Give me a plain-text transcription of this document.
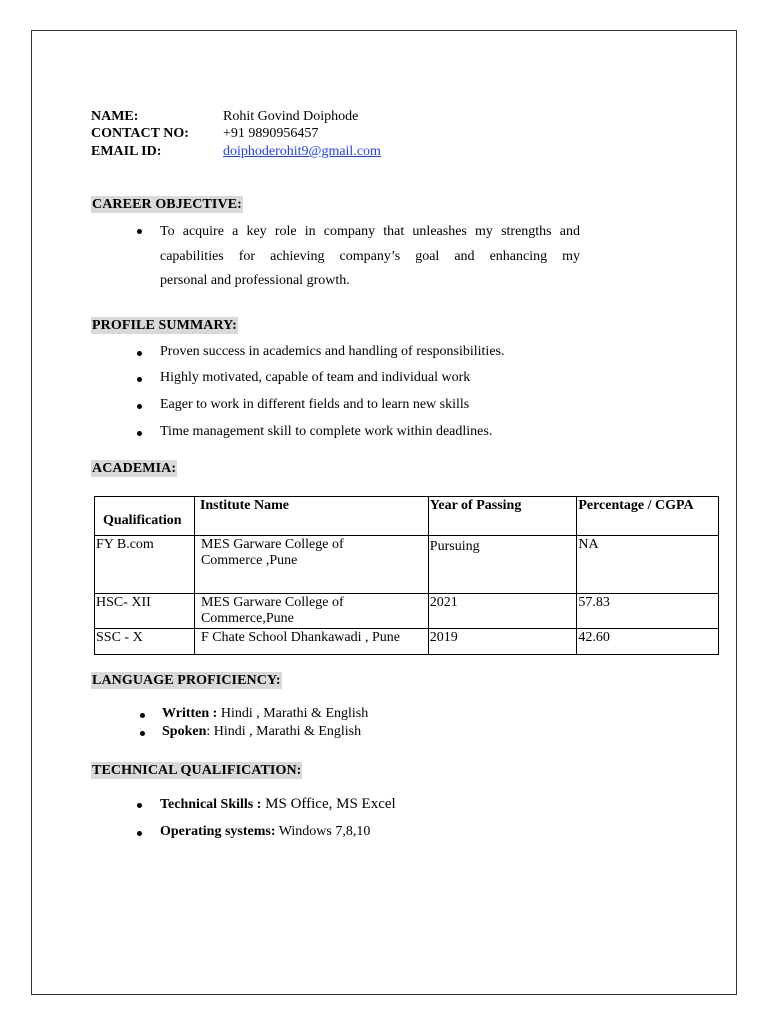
NAME:	Rohit Govind Doiphode
CONTACT NO: +91 9890956457
EMAIL ID:	doiphoderohit9@gmail.com
CAREER OBJECTIVE:
To acquire a key role in company that unleashes my strengths and
capabilities for achieving company’s goal and enhancing my
personal and professional growth.
PROFILE SUMMARY:
Proven success in academics and handling of responsibilities.
Highly motivated, capable of team and individual work
Eager to work in different fields and to learn new skills
Time management skill to complete work within deadlines.
ACADEMIA:
Qualification	Institute Name	Year of Passing	Percentage / CGPA
FY B.com	MES Garware College of
Commerce ,Pune	Pursuing	NA
HSC- XII	MES Garware College of
Commerce,Pune	2021	57.83
SSC - X	F Chate School Dhankawadi , Pune	2019	42.60
LANGUAGE PROFICIENCY:
Written : Hindi , Marathi & English
Spoken: Hindi , Marathi & English
TECHNICAL QUALIFICATION:
Technical Skills : MS Office, MS Excel
Operating systems: Windows 7,8,10
